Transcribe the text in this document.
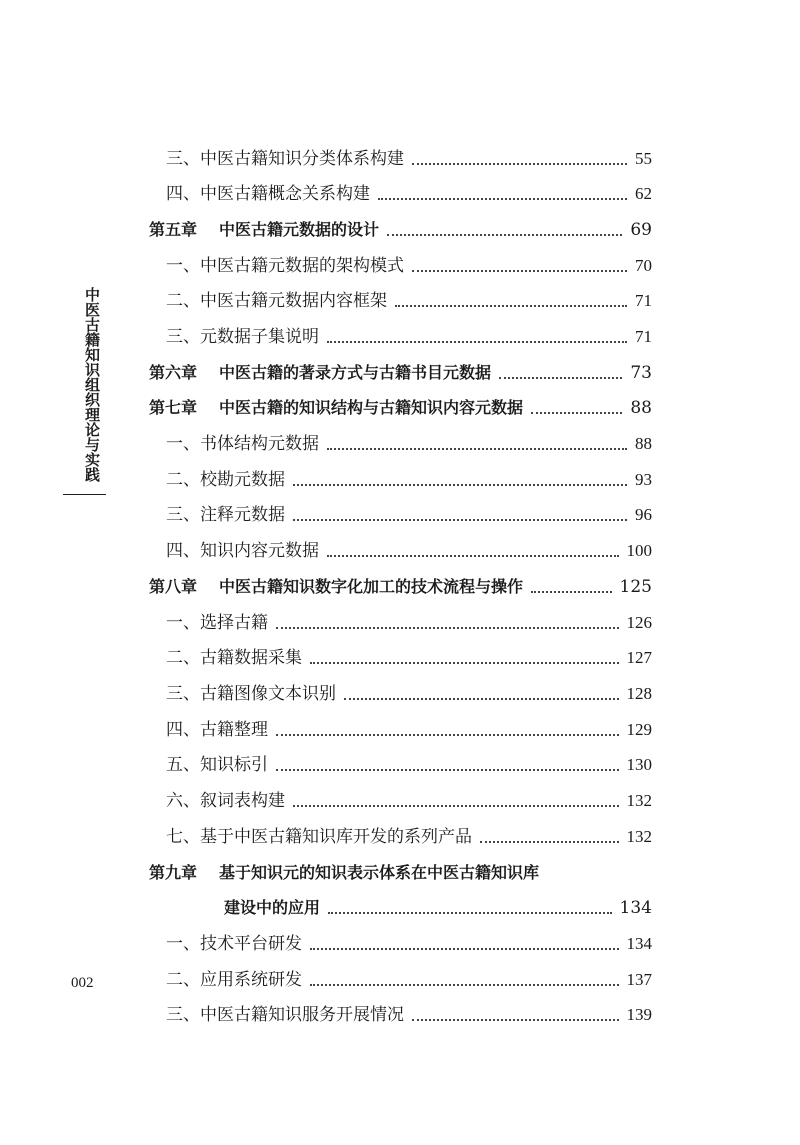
中医古籍知识组织理论与实践
002
三、中医古籍知识分类体系构建	55
四、中医古籍概念关系构建	62
第五章 中医古籍元数据的设计	69
一、中医古籍元数据的架构模式	70
二、中医古籍元数据内容框架	71
三、元数据子集说明	71
第六章 中医古籍的著录方式与古籍书目元数据	73
第七章 中医古籍的知识结构与古籍知识内容元数据	88
一、书体结构元数据	88
二、校勘元数据	93
三、注释元数据	96
四、知识内容元数据	100
第八章 中医古籍知识数字化加工的技术流程与操作	125
一、选择古籍	126
二、古籍数据采集	127
三、古籍图像文本识别	128
四、古籍整理	129
五、知识标引	130
六、叙词表构建	132
七、基于中医古籍知识库开发的系列产品	132
第九章 基于知识元的知识表示体系在中医古籍知识库
建设中的应用	134
一、技术平台研发	134
二、应用系统研发	137
三、中医古籍知识服务开展情况	139
